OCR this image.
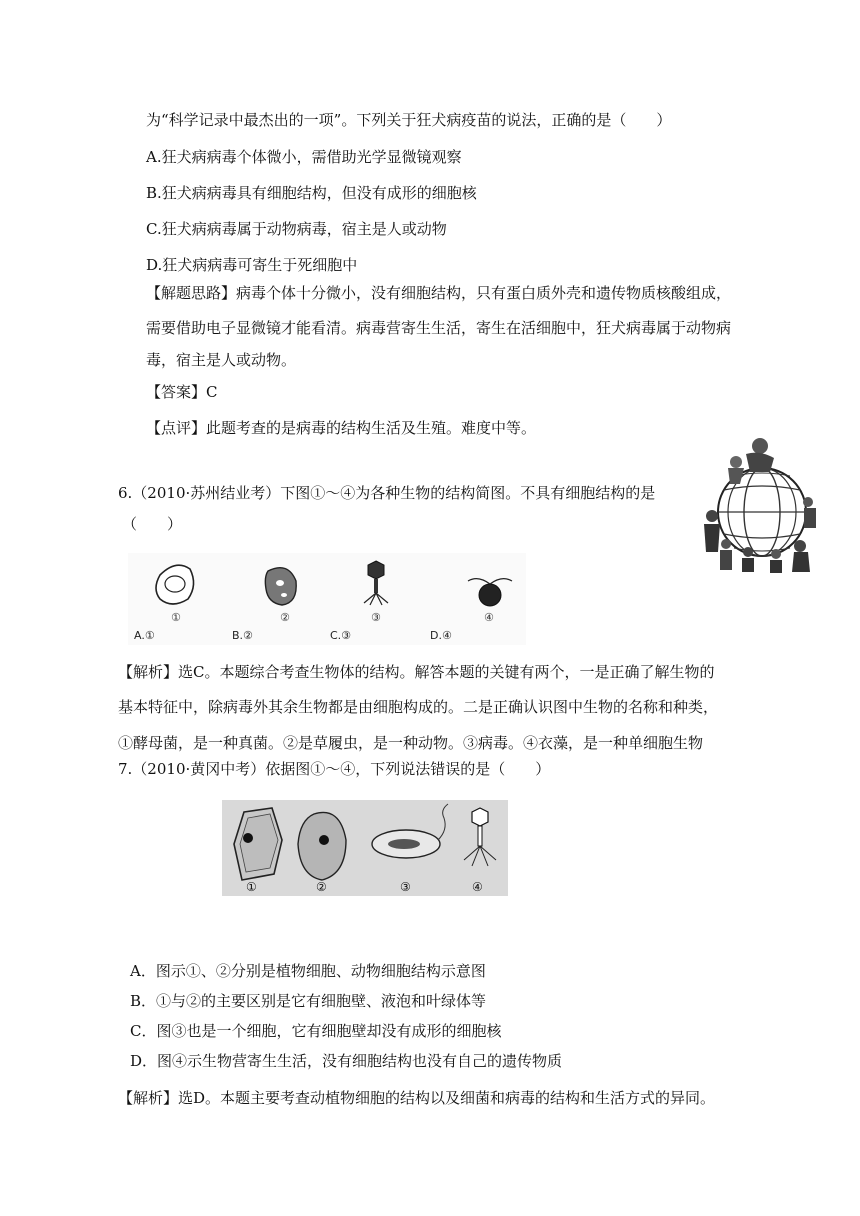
为“科学记录中最杰出的一项”。下列关于狂犬病疫苗的说法，正确的是（　　）
A.狂犬病病毒个体微小，需借助光学显微镜观察
B.狂犬病病毒具有细胞结构，但没有成形的细胞核
C.狂犬病病毒属于动物病毒，宿主是人或动物
D.狂犬病病毒可寄生于死细胞中
【解题思路】病毒个体十分微小，没有细胞结构，只有蛋白质外壳和遗传物质核酸组成，
需要借助电子显微镜才能看清。病毒营寄生生活，寄生在活细胞中，狂犬病毒属于动物病
毒，宿主是人或动物。
【答案】C
【点评】此题考查的是病毒的结构生活及生殖。难度中等。
6.（2010·苏州结业考）下图①～④为各种生物的结构简图。不具有细胞结构的是
（　　）
①	②	③	④
A.①	B.②	C.③	D.④
【解析】选C。本题综合考查生物体的结构。解答本题的关键有两个，一是正确了解生物的
基本特征中，除病毒外其余生物都是由细胞构成的。二是正确认识图中生物的名称和种类，
①酵母菌，是一种真菌。②是草履虫，是一种动物。③病毒。④衣藻，是一种单细胞生物
7.（2010·黄冈中考）依据图①～④，下列说法错误的是（　　）
①	②	③	④
A．图示①、②分别是植物细胞、动物细胞结构示意图
B．①与②的主要区别是它有细胞壁、液泡和叶绿体等
C．图③也是一个细胞，它有细胞壁却没有成形的细胞核
D．图④示生物营寄生生活，没有细胞结构也没有自己的遗传物质
【解析】选D。本题主要考查动植物细胞的结构以及细菌和病毒的结构和生活方式的异同。
